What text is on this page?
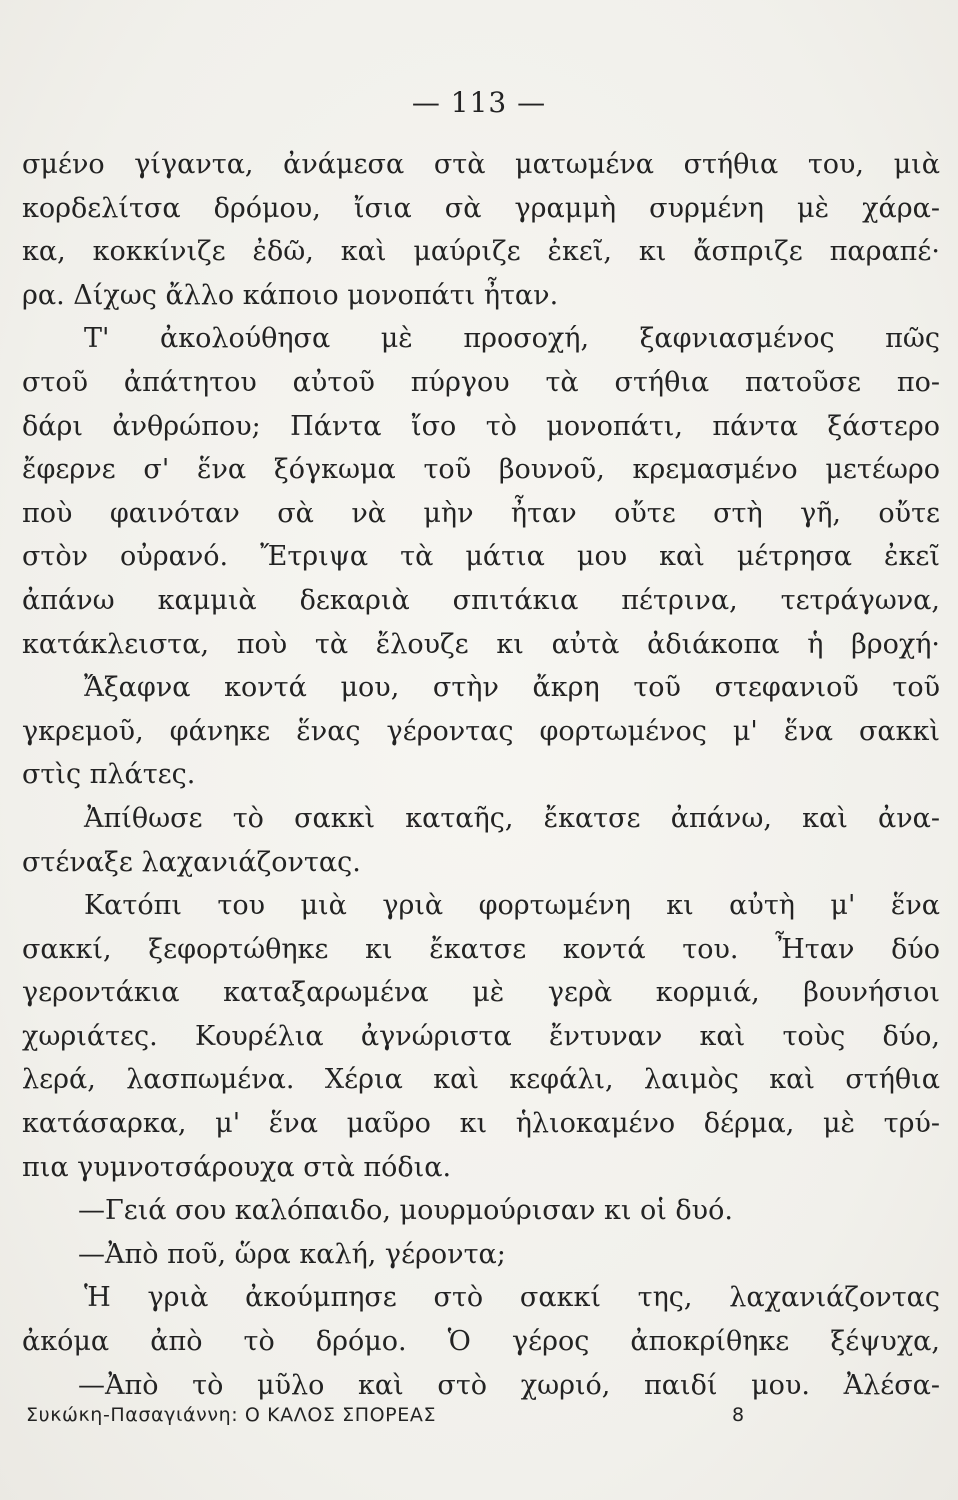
— 113 —
σμένο γίγαντα, ἀνάμεσα στὰ ματωμένα στήθια του, μιὰ
κορδελίτσα δρόμου, ἴσια σὰ γραμμὴ συρμένη μὲ χάρα-
κα, κοκκίνιζε ἐδῶ, καὶ μαύριζε ἐκεῖ, κι ἄσπριζε παραπέ·
ρα. Δίχως ἄλλο κάποιο μονοπάτι ἦταν.
Τ' ἀκολούθησα μὲ προσοχή, ξαφνιασμένος πῶς
στοῦ ἀπάτητου αὐτοῦ πύργου τὰ στήθια πατοῦσε πο-
δάρι ἀνθρώπου; Πάντα ἴσο τὸ μονοπάτι, πάντα ξάστερο
ἔφερνε σ' ἕνα ξόγκωμα τοῦ βουνοῦ, κρεμασμένο μετέωρο
ποὺ φαινόταν σὰ νὰ μὴν ἦταν οὔτε στὴ γῆ, οὔτε
στὸν οὐρανό. Ἔτριψα τὰ μάτια μου καὶ μέτρησα ἐκεῖ
ἀπάνω καμμιὰ δεκαριὰ σπιτάκια πέτρινα, τετράγωνα,
κατάκλειστα, ποὺ τὰ ἔλουζε κι αὐτὰ ἀδιάκοπα ἡ βροχή·
Ἄξαφνα κοντά μου, στὴν ἄκρη τοῦ στεφανιοῦ τοῦ
γκρεμοῦ, φάνηκε ἕνας γέροντας φορτωμένος μ' ἕνα σακκὶ
στὶς πλάτες.
Ἀπίθωσε τὸ σακκὶ καταῆς, ἔκατσε ἀπάνω, καὶ ἀνα-
στέναξε λαχανιάζοντας.
Κατόπι του μιὰ γριὰ φορτωμένη κι αὐτὴ μ' ἕνα
σακκί, ξεφορτώθηκε κι ἔκατσε κοντά του. Ἦταν δύο
γεροντάκια καταξαρωμένα μὲ γερὰ κορμιά, βουνήσιοι
χωριάτες. Κουρέλια ἀγνώριστα ἔντυναν καὶ τοὺς δύο,
λερά, λασπωμένα. Χέρια καὶ κεφάλι, λαιμὸς καὶ στήθια
κατάσαρκα, μ' ἕνα μαῦρο κι ἡλιοκαμένο δέρμα, μὲ τρύ-
πια γυμνοτσάρουχα στὰ πόδια.
—Γειά σου καλόπαιδο, μουρμούρισαν κι οἱ δυό.
—Ἀπὸ ποῦ, ὥρα καλή, γέροντα;
Ἡ γριὰ ἀκούμπησε στὸ σακκί της, λαχανιάζοντας
ἀκόμα ἀπὸ τὸ δρόμο. Ὁ γέρος ἀποκρίθηκε ξέψυχα,
—Ἀπὸ τὸ μῦλο καὶ στὸ χωριό, παιδί μου. Ἀλέσα-
Συκώκη-Πασαγιάννη: Ο ΚΑΛΟΣ ΣΠΟΡΕΑΣ	8
